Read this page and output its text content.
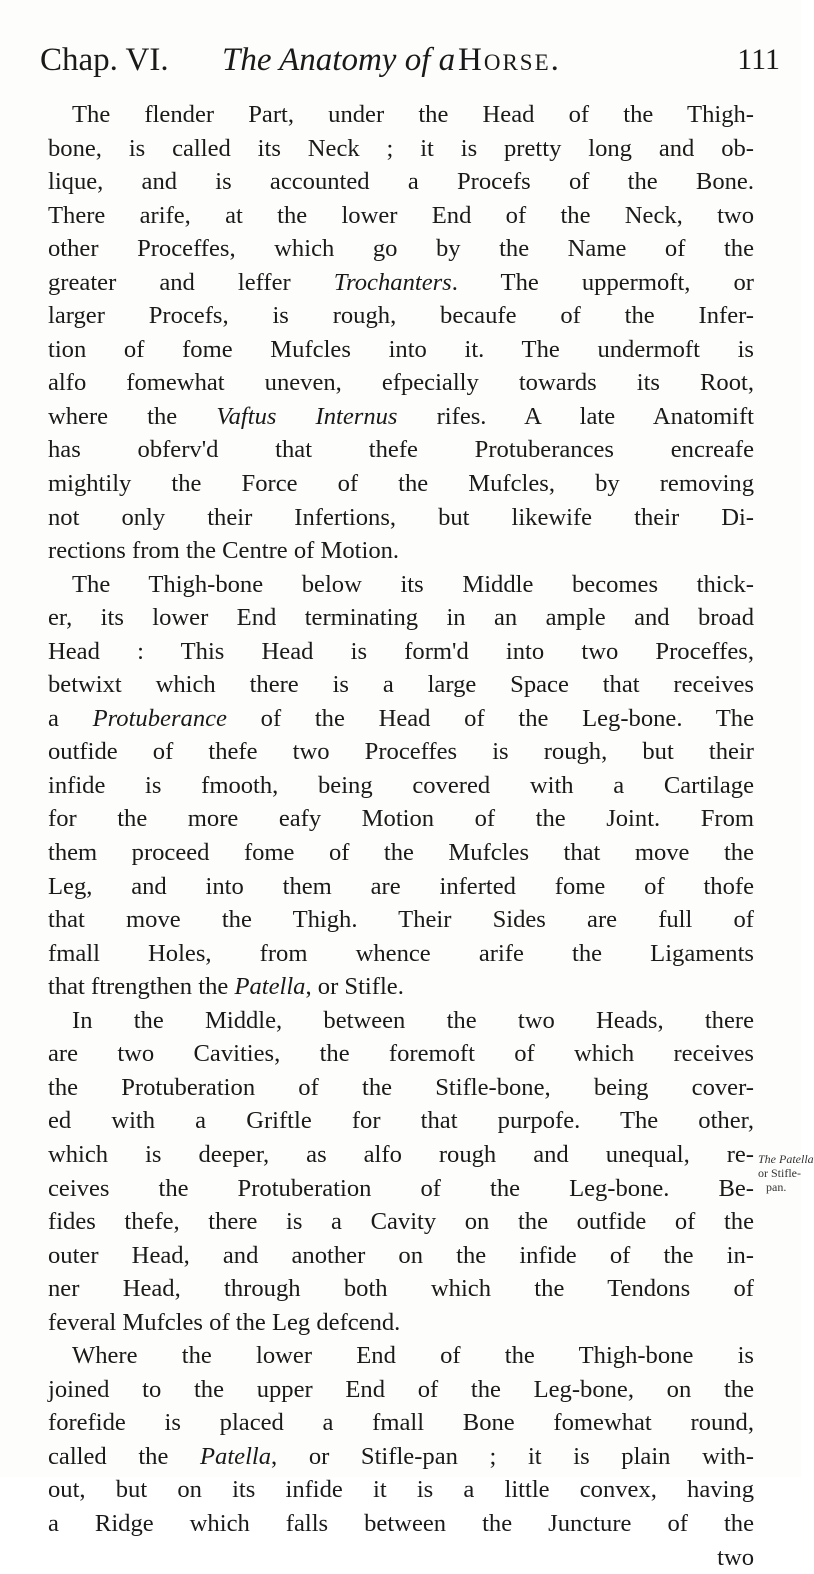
Chap. VI. The Anatomy of a Horse.	111
The flender Part, under the Head of the Thigh-
bone, is called its Neck ; it is pretty long and ob-
lique, and is accounted a Procefs of the Bone.
There arife, at the lower End of the Neck, two
other Proceffes, which go by the Name of the
greater and leffer Trochanters. The uppermoft, or
larger Procefs, is rough, becaufe of the Infer-
tion of fome Mufcles into it. The undermoft is
alfo fomewhat uneven, efpecially towards its Root,
where the Vaftus Internus rifes. A late Anatomift
has obferv'd that thefe Protuberances encreafe
mightily the Force of the Mufcles, by removing
not only their Infertions, but likewife their Di-
rections from the Centre of Motion.
The Thigh-bone below its Middle becomes thick-
er, its lower End terminating in an ample and broad
Head : This Head is form'd into two Proceffes,
betwixt which there is a large Space that receives
a Protuberance of the Head of the Leg-bone. The
outfide of thefe two Proceffes is rough, but their
infide is fmooth, being covered with a Cartilage
for the more eafy Motion of the Joint. From
them proceed fome of the Mufcles that move the
Leg, and into them are inferted fome of thofe
that move the Thigh. Their Sides are full of
fmall Holes, from whence arife the Ligaments
that ftrengthen the Patella, or Stifle.
In the Middle, between the two Heads, there
are two Cavities, the foremoft of which receives
the Protuberation of the Stifle-bone, being cover-
ed with a Griftle for that purpofe. The other,
which is deeper, as alfo rough and unequal, re-
ceives the Protuberation of the Leg-bone. Be-
fides thefe, there is a Cavity on the outfide of the
outer Head, and another on the infide of the in-
ner Head, through both which the Tendons of
feveral Mufcles of the Leg defcend.
Where the lower End of the Thigh-bone is
joined to the upper End of the Leg-bone, on the
forefide is placed a fmall Bone fomewhat round,
called the Patella, or Stifle-pan ; it is plain with-
out, but on its infide it is a little convex, having
a Ridge which falls between the Juncture of the
two
The Patella
or Stifle-
pan.
